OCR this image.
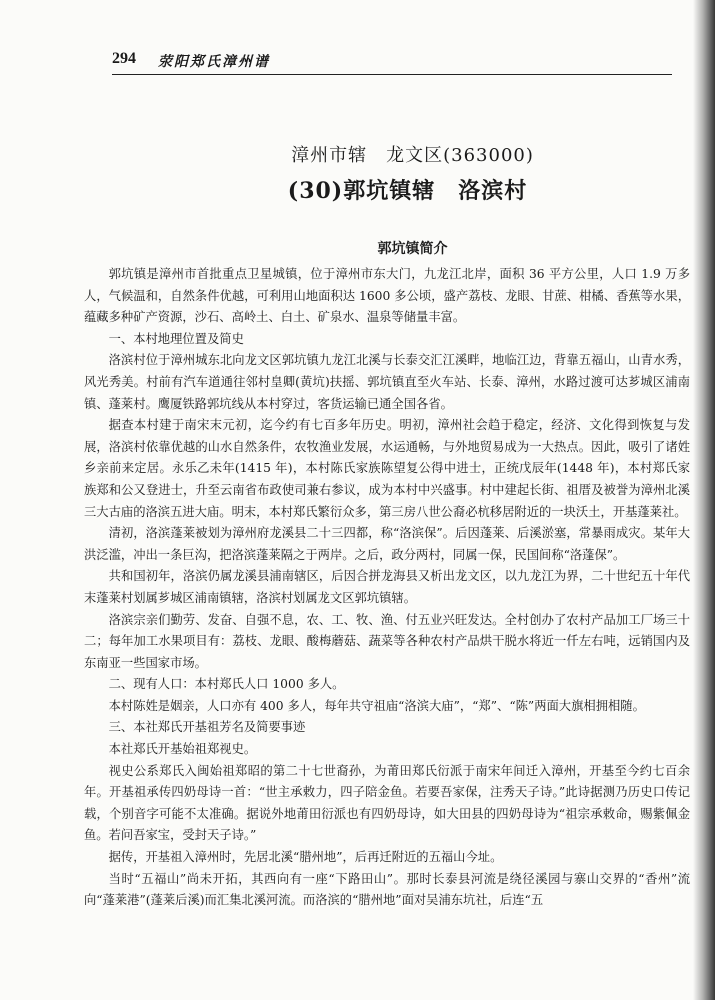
294 荥阳郑氏漳州谱
漳州市辖　龙文区(363000)
(30)郭坑镇辖　洛滨村
郭坑镇简介

郭坑镇是漳州市首批重点卫星城镇，位于漳州市东大门，九龙江北岸，面积 36 平方公里，人口 1.9 万多人，气候温和，自然条件优越，可利用山地面积达 1600 多公顷，盛产荔枝、龙眼、甘蔗、柑橘、香蕉等水果，蕴藏多种矿产资源，沙石、高岭土、白土、矿泉水、温泉等储量丰富。

一、本村地理位置及简史

洛滨村位于漳州城东北向龙文区郭坑镇九龙江北溪与长泰交汇江溪畔，地临江边，背靠五福山，山青水秀，风光秀美。村前有汽车道通往邻村皇卿(黄坑)扶摇、郭坑镇直至火车站、长泰、漳州，水路过渡可达芗城区浦南镇、蓬莱村。鹰厦铁路郭坑线从本村穿过，客货运输已通全国各省。

据查本村建于南宋末元初，迄今约有七百多年历史。明初，漳州社会趋于稳定，经济、文化得到恢复与发展，洛滨村依靠优越的山水自然条件，农牧渔业发展，水运通畅，与外地贸易成为一大热点。因此，吸引了诸姓乡亲前来定居。永乐乙未年(1415 年)，本村陈氏家族陈望复公得中进士，正统戊辰年(1448 年)，本村郑氏家族郑和公又登进士，升至云南省布政使司兼右参议，成为本村中兴盛事。村中建起长街、祖厝及被誉为漳州北溪三大古庙的洛滨五进大庙。明末，本村郑氏繁衍众多，第三房八世公裔必杭移居附近的一块沃土，开基蓬莱社。

清初，洛滨蓬莱被划为漳州府龙溪县二十三四都，称“洛滨保”。后因蓬莱、后溪淤塞，常暴雨成灾。某年大洪泛滥，冲出一条巨沟，把洛滨蓬莱隔之于两岸。之后，政分两村，同属一保，民国间称“洛蓬保”。

共和国初年，洛滨仍属龙溪县浦南辖区，后因合拼龙海县又析出龙文区，以九龙江为界，二十世纪五十年代末蓬莱村划属芗城区浦南镇辖，洛滨村划属龙文区郭坑镇辖。

洛滨宗亲们勤劳、发奋、自强不息，农、工、牧、渔、付五业兴旺发达。全村创办了农村产品加工厂场三十二；每年加工水果项目有：荔枝、龙眼、酸梅蘑菇、蔬菜等各种农村产品烘干脱水将近一仟左右吨，远销国内及东南亚一些国家市场。

二、现有人口：本村郑氏人口 1000 多人。

本村陈姓是姻亲，人口亦有 400 多人，每年共守祖庙“洛滨大庙”，“郑”、“陈”两面大旗相拥相随。

三、本社郑氏开基祖芳名及简要事迹

本社郑氏开基始祖郑视史。

视史公系郑氏入闽始祖郑昭的第二十七世裔孙，为莆田郑氏衍派于南宋年间迁入漳州，开基至今约七百余年。开基祖承传四奶母诗一首：“世主承敕力，四子陪金鱼。若要吾家保，注秀天子诗。”此诗据测乃历史口传记载，个别音字可能不太准确。据说外地莆田衍派也有四奶母诗，如大田县的四奶母诗为“祖宗承敕命，赐紫佩金鱼。若问吾家宝，受封天子诗。”

据传，开基祖入漳州时，先居北溪“腊州地”，后再迁附近的五福山今址。

当时“五福山”尚未开拓，其西向有一座“下路田山”。那时长泰县河流是绕径溪园与寨山交界的“香州”流向“蓬莱港”(蓬莱后溪)而汇集北溪河流。而洛滨的“腊州地”面对吴浦东坑社，后连“五
